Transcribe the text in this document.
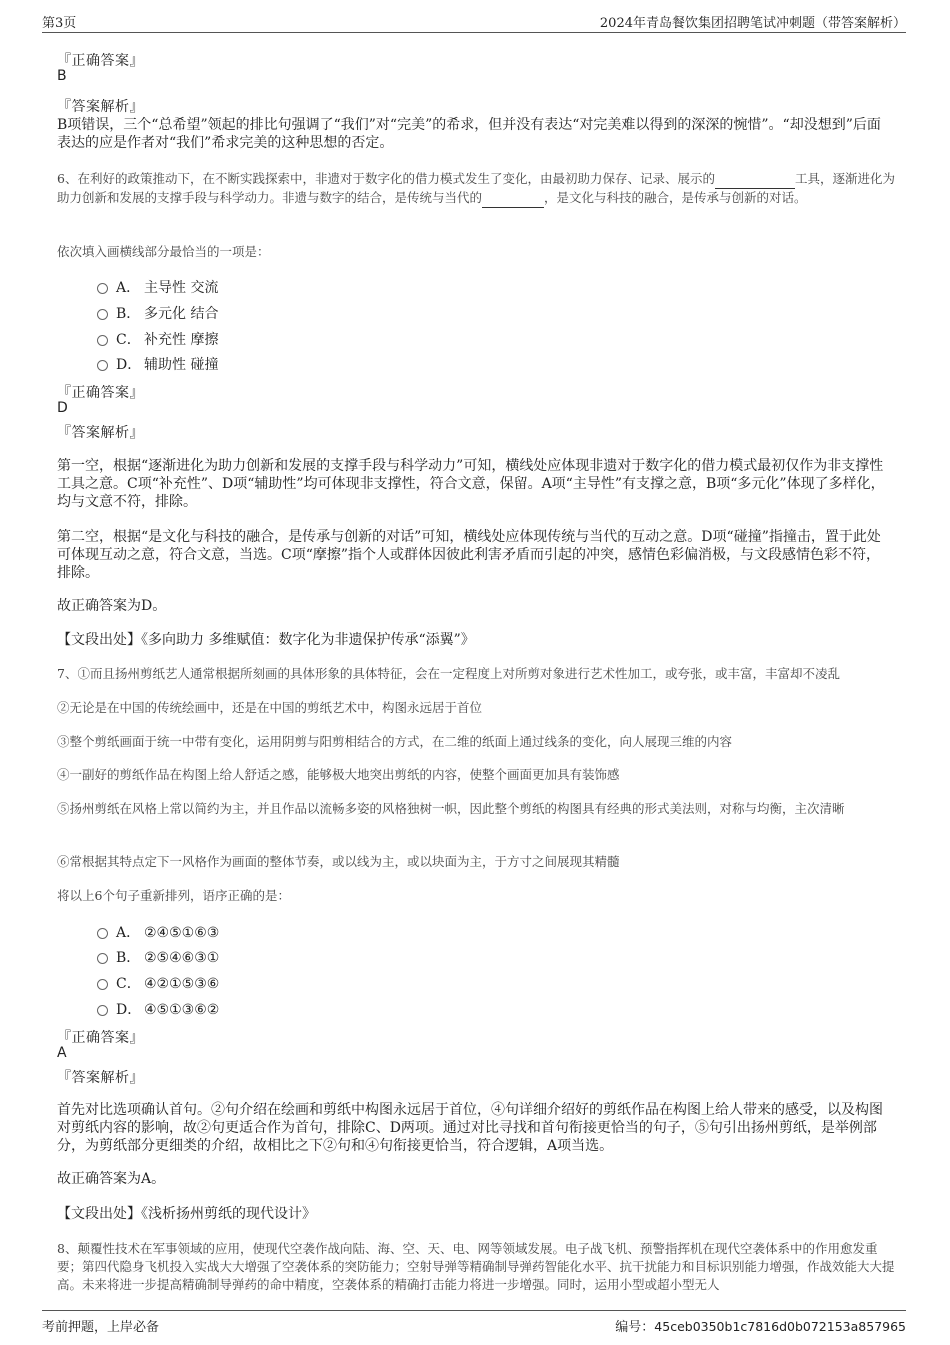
第3页	2024年青岛餐饮集团招聘笔试冲刺题（带答案解析）
『正确答案』
B
『答案解析』
B项错误，三个“总希望”领起的排比句强调了“我们”对“完美”的希求，但并没有表达“对完美难以得到的深深的惋惜”。“却没想到”后面表达的应是作者对“我们”希求完美的这种思想的否定。
6、在利好的政策推动下，在不断实践探索中，非遗对于数字化的借力模式发生了变化，由最初助力保存、记录、展示的	工具，逐渐进化为助力创新和发展的支撑手段与科学动力。非遗与数字的结合，是传统与当代的	，是文化与科技的融合，是传承与创新的对话。
依次填入画横线部分最恰当的一项是：
A． 主导性 交流
B． 多元化 结合
C． 补充性 摩擦
D． 辅助性 碰撞
『正确答案』
D
『答案解析』
第一空，根据“逐渐进化为助力创新和发展的支撑手段与科学动力”可知，横线处应体现非遗对于数字化的借力模式最初仅作为非支撑性工具之意。C项“补充性”、D项“辅助性”均可体现非支撑性，符合文意，保留。A项“主导性”有支撑之意，B项“多元化”体现了多样化，均与文意不符，排除。
第二空，根据“是文化与科技的融合，是传承与创新的对话”可知，横线处应体现传统与当代的互动之意。D项“碰撞”指撞击，置于此处可体现互动之意，符合文意，当选。C项“摩擦”指个人或群体因彼此利害矛盾而引起的冲突，感情色彩偏消极，与文段感情色彩不符，排除。
故正确答案为D。
【文段出处】《多向助力 多维赋值：数字化为非遗保护传承“添翼”》
7、①而且扬州剪纸艺人通常根据所刻画的具体形象的具体特征，会在一定程度上对所剪对象进行艺术性加工，或夸张，或丰富，丰富却不凌乱
②无论是在中国的传统绘画中，还是在中国的剪纸艺术中，构图永远居于首位
③整个剪纸画面于统一中带有变化，运用阴剪与阳剪相结合的方式，在二维的纸面上通过线条的变化，向人展现三维的内容
④一副好的剪纸作品在构图上给人舒适之感，能够极大地突出剪纸的内容，使整个画面更加具有装饰感
⑤扬州剪纸在风格上常以简约为主，并且作品以流畅多姿的风格独树一帜，因此整个剪纸的构图具有经典的形式美法则，对称与均衡，主次清晰
⑥常根据其特点定下一风格作为画面的整体节奏，或以线为主，或以块面为主，于方寸之间展现其精髓
将以上6个句子重新排列，语序正确的是：
A． ②④⑤①⑥③
B． ②⑤④⑥③①
C． ④②①⑤③⑥
D． ④⑤①③⑥②
『正确答案』
A
『答案解析』
首先对比选项确认首句。②句介绍在绘画和剪纸中构图永远居于首位，④句详细介绍好的剪纸作品在构图上给人带来的感受，以及构图对剪纸内容的影响，故②句更适合作为首句，排除C、D两项。通过对比寻找和首句衔接更恰当的句子，⑤句引出扬州剪纸，是举例部分，为剪纸部分更细类的介绍，故相比之下②句和④句衔接更恰当，符合逻辑，A项当选。
故正确答案为A。
【文段出处】《浅析扬州剪纸的现代设计》
8、颠覆性技术在军事领域的应用，使现代空袭作战向陆、海、空、天、电、网等领域发展。电子战飞机、预警指挥机在现代空袭体系中的作用愈发重要；第四代隐身飞机投入实战大大增强了空袭体系的突防能力；空射导弹等精确制导弹药智能化水平、抗干扰能力和目标识别能力增强，作战效能大大提高。未来将进一步提高精确制导弹药的命中精度，空袭体系的精确打击能力将进一步增强。同时，运用小型或超小型无人
考前押题，上岸必备	编号：45ceb0350b1c7816d0b072153a857965
